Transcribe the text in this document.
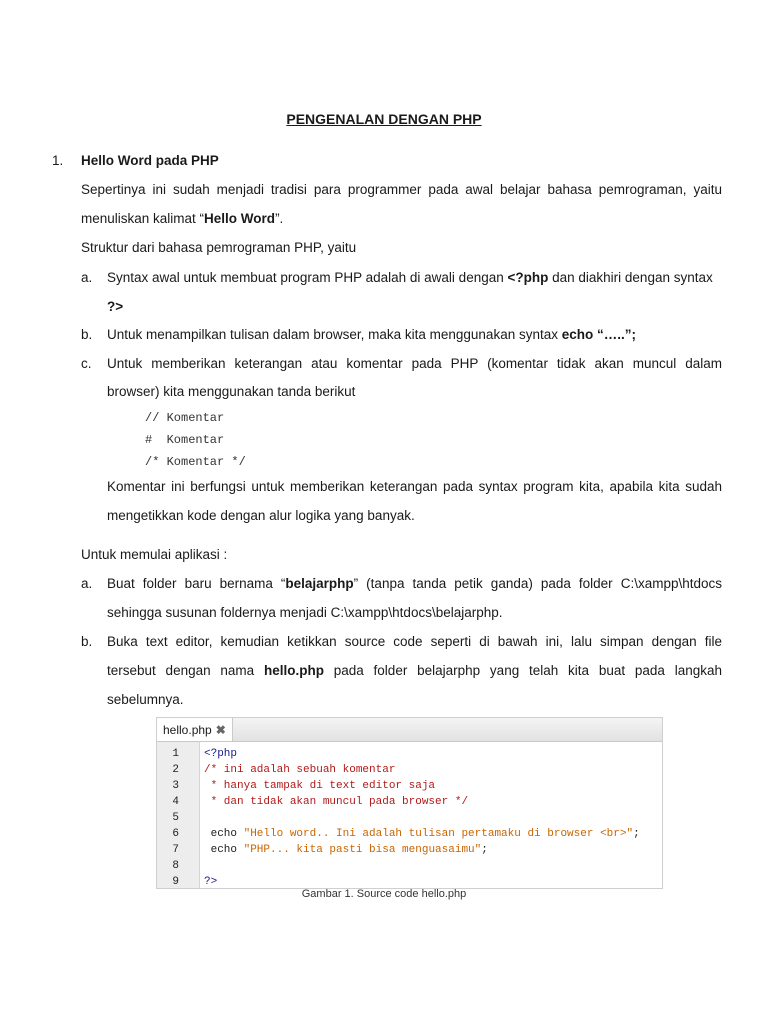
PENGENALAN DENGAN PHP
1. Hello Word pada PHP
Sepertinya ini sudah menjadi tradisi para programmer pada awal belajar bahasa pemrograman, yaitu
menuliskan kalimat “Hello Word”.
Struktur dari bahasa pemrograman PHP, yaitu
a. Syntax awal untuk membuat program PHP adalah di awali dengan <?php dan diakhiri dengan syntax
?>
b. Untuk menampilkan tulisan dalam browser, maka kita menggunakan syntax echo “…..”;
c. Untuk memberikan keterangan atau komentar pada PHP (komentar tidak akan muncul dalam
browser) kita menggunakan tanda berikut
// Komentar
#  Komentar
/* Komentar */
Komentar ini berfungsi untuk memberikan keterangan pada syntax program kita, apabila kita sudah
mengetikkan kode dengan alur logika yang banyak.
Untuk memulai aplikasi :
a. Buat folder baru bernama “belajarphp” (tanpa tanda petik ganda) pada folder C:\xampp\htdocs
sehingga susunan foldernya menjadi C:\xampp\htdocs\belajarphp.
b. Buka text editor, kemudian ketikkan source code seperti di bawah ini, lalu simpan dengan file
tersebut dengan nama hello.php pada folder belajarphp yang telah kita buat pada langkah
sebelumnya.
hello.php ✖
1
2
3
4
5
6
7
8
9
<?php
/* ini adalah sebuah komentar
* hanya tampak di text editor saja
* dan tidak akan muncul pada browser */
echo "Hello word.. Ini adalah tulisan pertamaku di browser <br>";
echo "PHP... kita pasti bisa menguasaimu";
?>
Gambar 1. Source code hello.php
